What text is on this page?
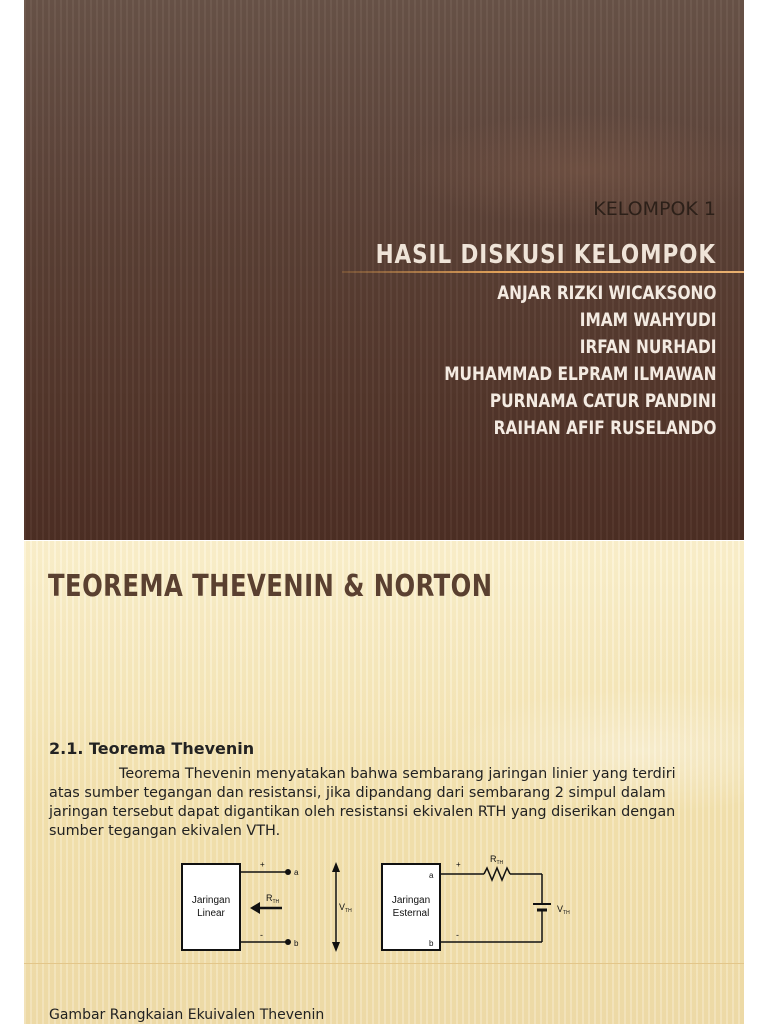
KELOMPOK 1
HASIL DISKUSI KELOMPOK
ANJAR RIZKI WICAKSONO
IMAM WAHYUDI
IRFAN NURHADI
MUHAMMAD ELPRAM ILMAWAN
PURNAMA CATUR PANDINI
RAIHAN AFIF RUSELANDO
TEOREMA THEVENIN & NORTON
2.1. Teorema Thevenin

Teorema Thevenin menyatakan bahwa sembarang jaringan linier yang terdiri atas sumber tegangan dan resistansi, jika dipandang dari sembarang 2 simpul dalam jaringan tersebut dapat digantikan oleh resistansi ekivalen RTH yang diserikan dengan sumber tegangan ekivalen VTH.

Jaringan
Linear
+
-
a
b
$R_{TH}$	$V_{TH}$
Jaringan
Esternal
a
b
+
-
$R_{TH}$
$V_{TH}$
Gambar Rangkaian Ekuivalen Thevenin
